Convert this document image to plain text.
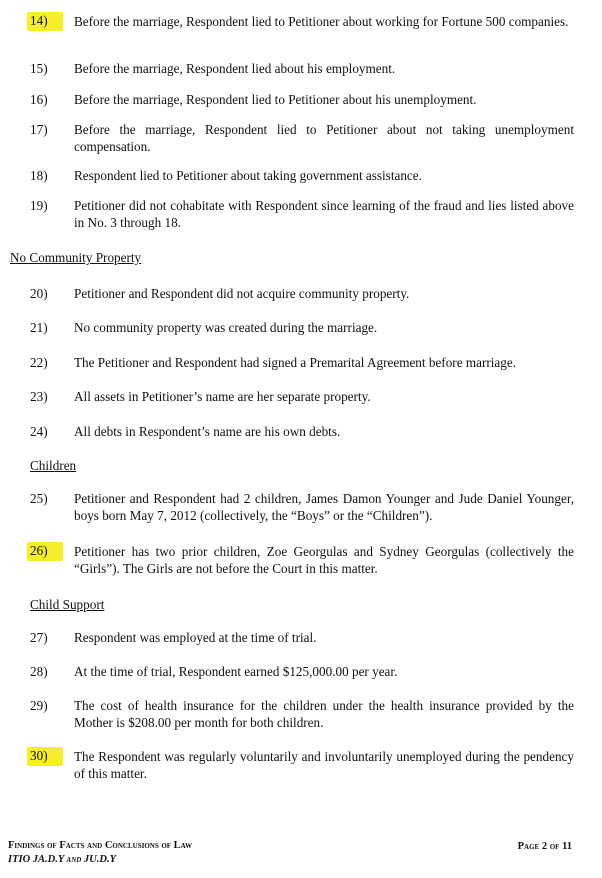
14)	Before the marriage, Respondent lied to Petitioner about working for Fortune 500 companies.
15)	Before the marriage, Respondent lied about his employment.
16)	Before the marriage, Respondent lied to Petitioner about his unemployment.
17)	Before the marriage, Respondent lied to Petitioner about not taking unemployment compensation.
18)	Respondent lied to Petitioner about taking government assistance.
19)	Petitioner did not cohabitate with Respondent since learning of the fraud and lies listed above in No. 3 through 18.
No Community Property
20)	Petitioner and Respondent did not acquire community property.
21)	No community property was created during the marriage.
22)	The Petitioner and Respondent had signed a Premarital Agreement before marriage.
23)	All assets in Petitioner’s name are her separate property.
24)	All debts in Respondent’s name are his own debts.
Children
25)	Petitioner and Respondent had 2 children, James Damon Younger and Jude Daniel Younger, boys born May 7, 2012 (collectively, the “Boys” or the “Children”).
26)	Petitioner has two prior children, Zoe Georgulas and Sydney Georgulas (collectively the “Girls”). The Girls are not before the Court in this matter.
Child Support
27)	Respondent was employed at the time of trial.
28)	At the time of trial, Respondent earned $125,000.00 per year.
29)	The cost of health insurance for the children under the health insurance provided by the Mother is $208.00 per month for both children.
30)	The Respondent was regularly voluntarily and involuntarily unemployed during the pendency of this matter.
Findings of Facts and Conclusions of Law
ITIO JA.D.Y and JU.D.Y
Page 2 of 11
